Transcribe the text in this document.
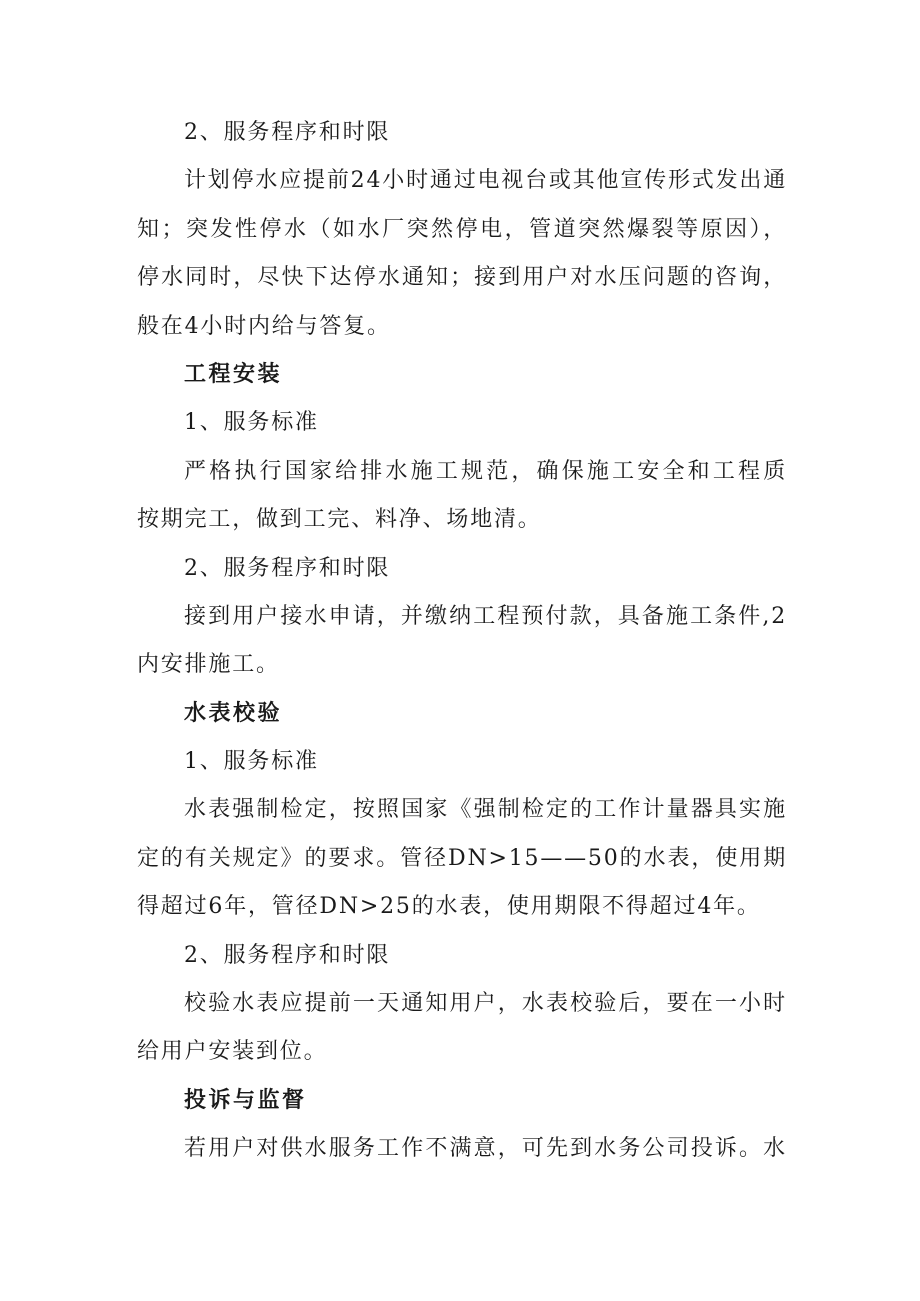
2、服务程序和时限
计划停水应提前24小时通过电视台或其他宣传形式发出通
知；突发性停水（如水厂突然停电，管道突然爆裂等原因），
停水同时，尽快下达停水通知；接到用户对水压问题的咨询，
般在4小时内给与答复。
工程安装
1、服务标准
严格执行国家给排水施工规范，确保施工安全和工程质
按期完工，做到工完、料净、场地清。
2、服务程序和时限
接到用户接水申请，并缴纳工程预付款，具备施工条件,2
内安排施工。
水表校验
1、服务标准
水表强制检定，按照国家《强制检定的工作计量器具实施
定的有关规定》的要求。管径DN>15——50的水表，使用期
得超过6年，管径DN>25的水表，使用期限不得超过4年。
2、服务程序和时限
校验水表应提前一天通知用户，水表校验后，要在一小时
给用户安装到位。
投诉与监督
若用户对供水服务工作不满意，可先到水务公司投诉。水
